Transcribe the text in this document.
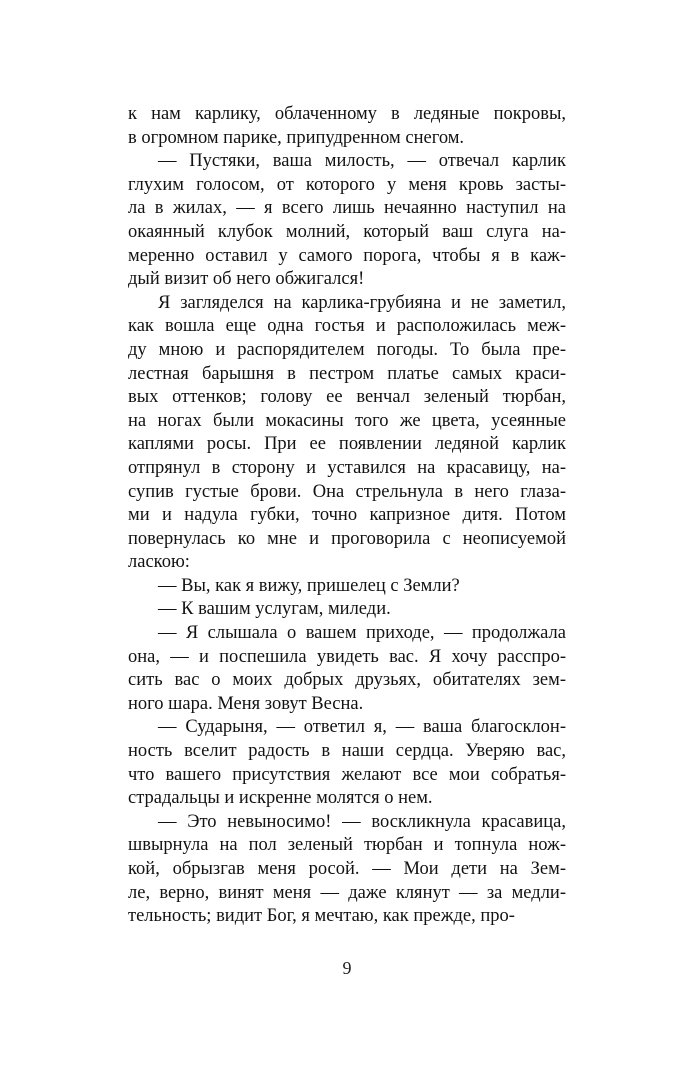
к нам карлику, облаченному в ледяные покровы,
в огромном парике, припудренном снегом.
— Пустяки, ваша милость, — отвечал карлик
глухим голосом, от которого у меня кровь засты-
ла в жилах, — я всего лишь нечаянно наступил на
окаянный клубок молний, который ваш слуга на-
меренно оставил у самого порога, чтобы я в каж-
дый визит об него обжигался!
Я загляделся на карлика-грубияна и не заметил,
как вошла еще одна гостья и расположилась меж-
ду мною и распорядителем погоды. То была пре-
лестная барышня в пестром платье самых краси-
вых оттенков; голову ее венчал зеленый тюрбан,
на ногах были мокасины того же цвета, усеянные
каплями росы. При ее появлении ледяной карлик
отпрянул в сторону и уставился на красавицу, на-
супив густые брови. Она стрельнула в него глаза-
ми и надула губки, точно капризное дитя. Потом
повернулась ко мне и проговорила с неописуемой
ласкою:
— Вы, как я вижу, пришелец с Земли?
— К вашим услугам, миледи.
— Я слышала о вашем приходе, — продолжала
она, — и поспешила увидеть вас. Я хочу расспро-
сить вас о моих добрых друзьях, обитателях зем-
ного шара. Меня зовут Весна.
— Сударыня, — ответил я, — ваша благосклон-
ность вселит радость в наши сердца. Уверяю вас,
что вашего присутствия желают все мои собратья-
страдальцы и искренне молятся о нем.
— Это невыносимо! — воскликнула красавица,
швырнула на пол зеленый тюрбан и топнула нож-
кой, обрызгав меня росой. — Мои дети на Зем-
ле, верно, винят меня — даже клянут — за медли-
тельность; видит Бог, я мечтаю, как прежде, про-
9
